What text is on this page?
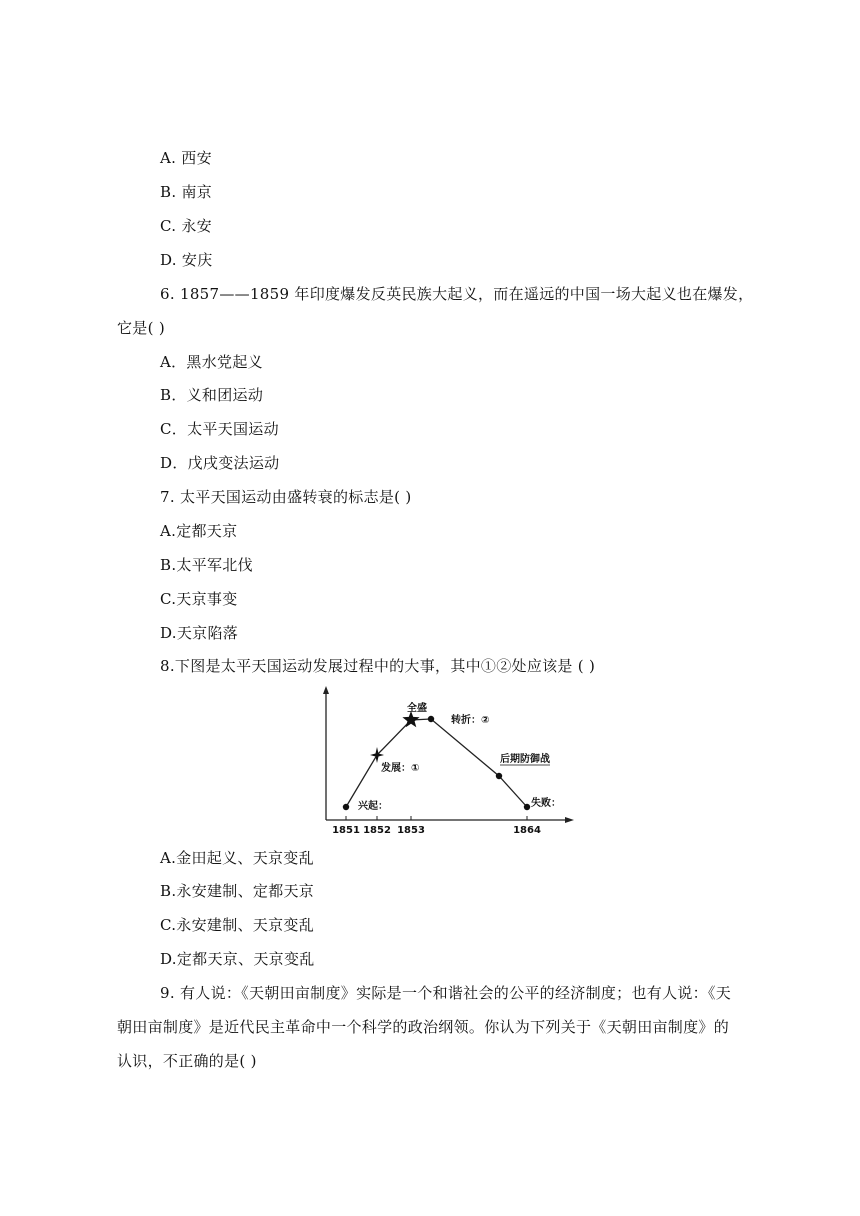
A. 西安
B. 南京
C. 永安
D. 安庆
6. 1857——1859 年印度爆发反英民族大起义，而在遥远的中国一场大起义也在爆发，
它是( )
A．黑水党起义
B．义和团运动
C．太平天国运动
D．戊戌变法运动
7. 太平天国运动由盛转衰的标志是( )
A.定都天京
B.太平军北伐
C.天京事变
D.天京陷落
8.下图是太平天国运动发展过程中的大事，其中①②处应该是 ( )
1851 1852 1853	1864
兴起：
发展：①
全盛
转折：②
后期防御战
失败：
A.金田起义、天京变乱
B.永安建制、定都天京
C.永安建制、天京变乱
D.定都天京、天京变乱
9. 有人说：《天朝田亩制度》实际是一个和谐社会的公平的经济制度；也有人说：《天
朝田亩制度》是近代民主革命中一个科学的政治纲领。你认为下列关于《天朝田亩制度》的
认识，不正确的是( )
